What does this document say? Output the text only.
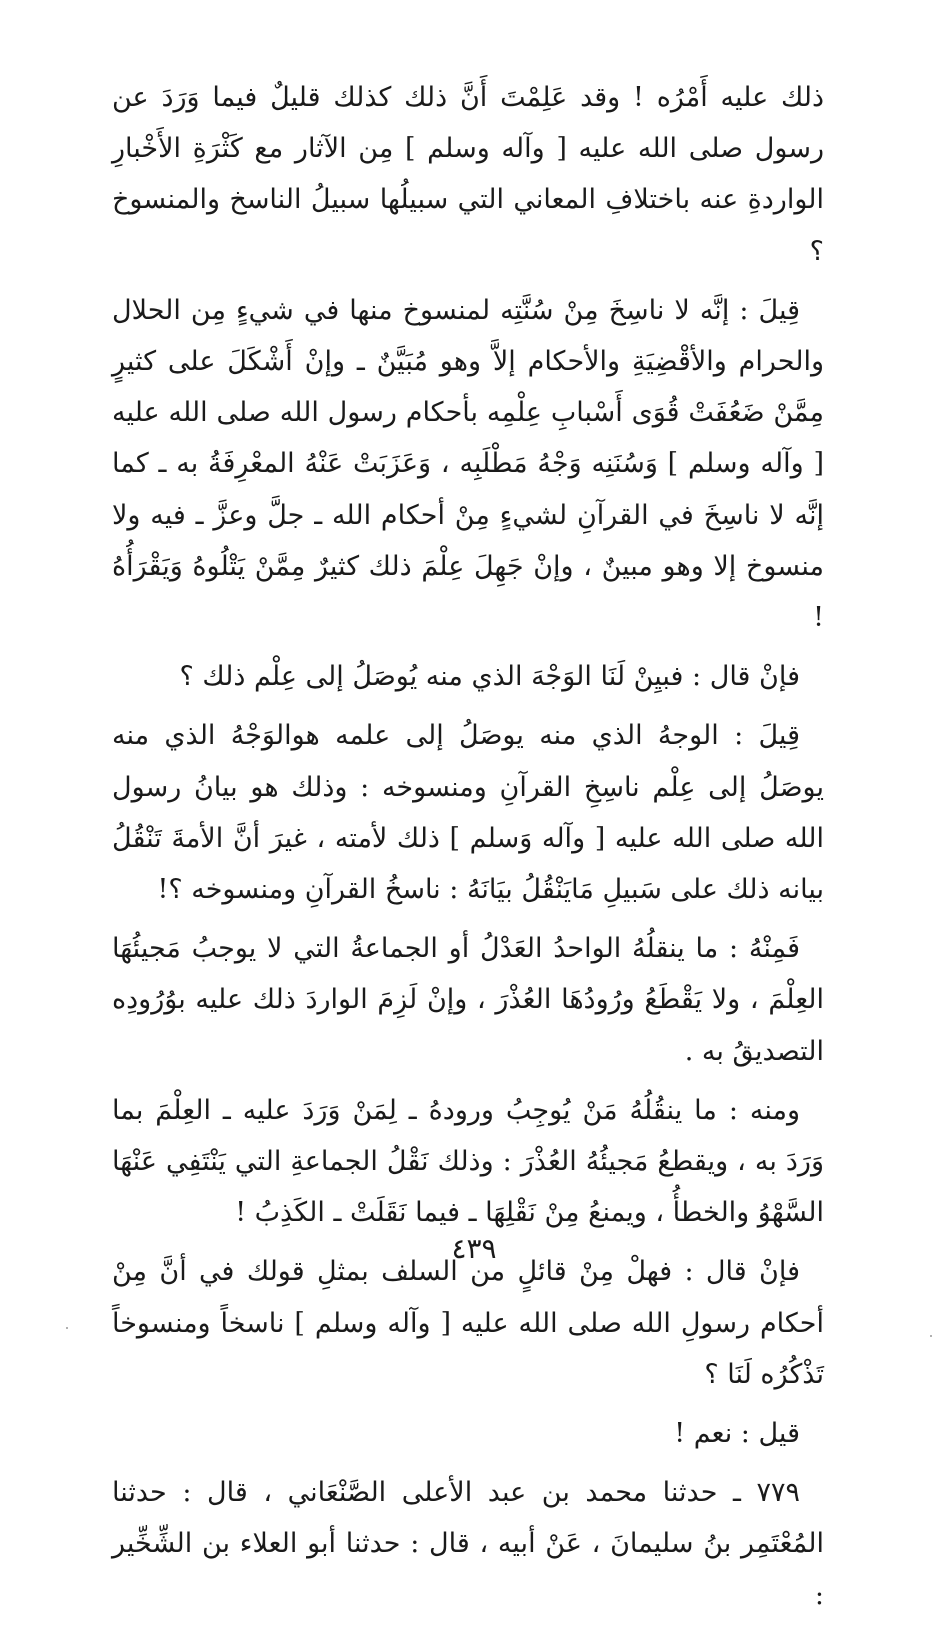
ذلك عليه أَمْرُه ! وقد عَلِمْتَ أَنَّ ذلك كذلك قليلٌ فيما وَرَدَ عن رسول صلى الله عليه [ وآله وسلم ] مِن الآثار مع كَثْرَةِ الأَخْبارِ الواردةِ عنه باختلافِ المعاني التي سبيلُها سبيلُ الناسخ والمنسوخ ؟

قِيلَ : إنَّه لا ناسِخَ مِنْ سُنَّتِه لمنسوخ منها في شيءٍ مِن الحلال والحرام والأقْضِيَةِ والأحكام إلاَّ وهو مُبَيَّنٌ ـ وإنْ أَشْكَلَ على كثيرٍ مِمَّنْ ضَعُفَتْ قُوَى أَسْبابِ عِلْمِه بأحكام رسول الله صلى الله عليه [ وآله وسلم ] وَسُنَنِه وَجْهُ مَطْلَبِه ، وَعَزَبَتْ عَنْهُ المعْرِفَةُ به ـ كما إنَّه لا ناسِخَ في القرآنِ لشيءٍ مِنْ أحكام الله ـ جلَّ وعزَّ ـ فيه ولا منسوخ إلا وهو مبينٌ ، وإنْ جَهِلَ عِلْمَ ذلك كثيرٌ مِمَّنْ يَتْلُوهُ وَيَقْرَأُهُ !

فإنْ قال : فبيِنْ لَنَا الوَجْهَ الذي منه يُوصَلُ إلى عِلْم ذلك ؟

قِيلَ : الوجهُ الذي منه يوصَلُ إلى علمه هوالوَجْهُ الذي منه يوصَلُ إلى عِلْم ناسِخِ القرآنِ ومنسوخه : وذلك هو بيانُ رسول الله صلى الله عليه [ وآله وَسلم ] ذلك لأمته ، غيرَ أنَّ الأمةَ تَنْقُلُ بيانه ذلك على سَبيلِ مَايَنْقُلُ بيَانَهُ : ناسخُ القرآنِ ومنسوخه ؟!

فَمِنْهُ : ما ينقلُهُ الواحدُ العَدْلُ أو الجماعةُ التي لا يوجبُ مَجيئُهَا العِلْمَ ، ولا يَقْطَعُ ورُودُهَا العُذْرَ ، وإنْ لَزِمَ الواردَ ذلك عليه بوُرُودِه التصديقُ به .

ومنه : ما ينقُلُهُ مَنْ يُوجِبُ ورودهُ ـ لِمَنْ وَرَدَ عليه ـ العِلْمَ بما وَرَدَ به ، ويقطعُ مَجيئُهُ العُذْرَ : وذلك نَقْلُ الجماعةِ التي يَنْتَفِي عَنْهَا السَّهْوُ والخطأُ ، ويمنعُ مِنْ نَقْلِهَا ـ فيما نَقَلَتْ ـ الكَذِبُ !

فإنْ قال : فهلْ مِنْ قائلٍ من السلف بمثلِ قولك في أنَّ مِنْ أحكام رسولِ الله صلى الله عليه [ وآله وسلم ] ناسخاً ومنسوخاً تَذْكُرُه لَنَا ؟

قيل : نعم !

٧٧٩ ـ حدثنا محمد بن عبد الأعلى الصَّنْعَاني ، قال : حدثنا المُعْتَمِر بنُ سليمانَ ، عَنْ أبيه ، قال : حدثنا أبو العلاء بن الشِّخِّير :

٤٣٩
